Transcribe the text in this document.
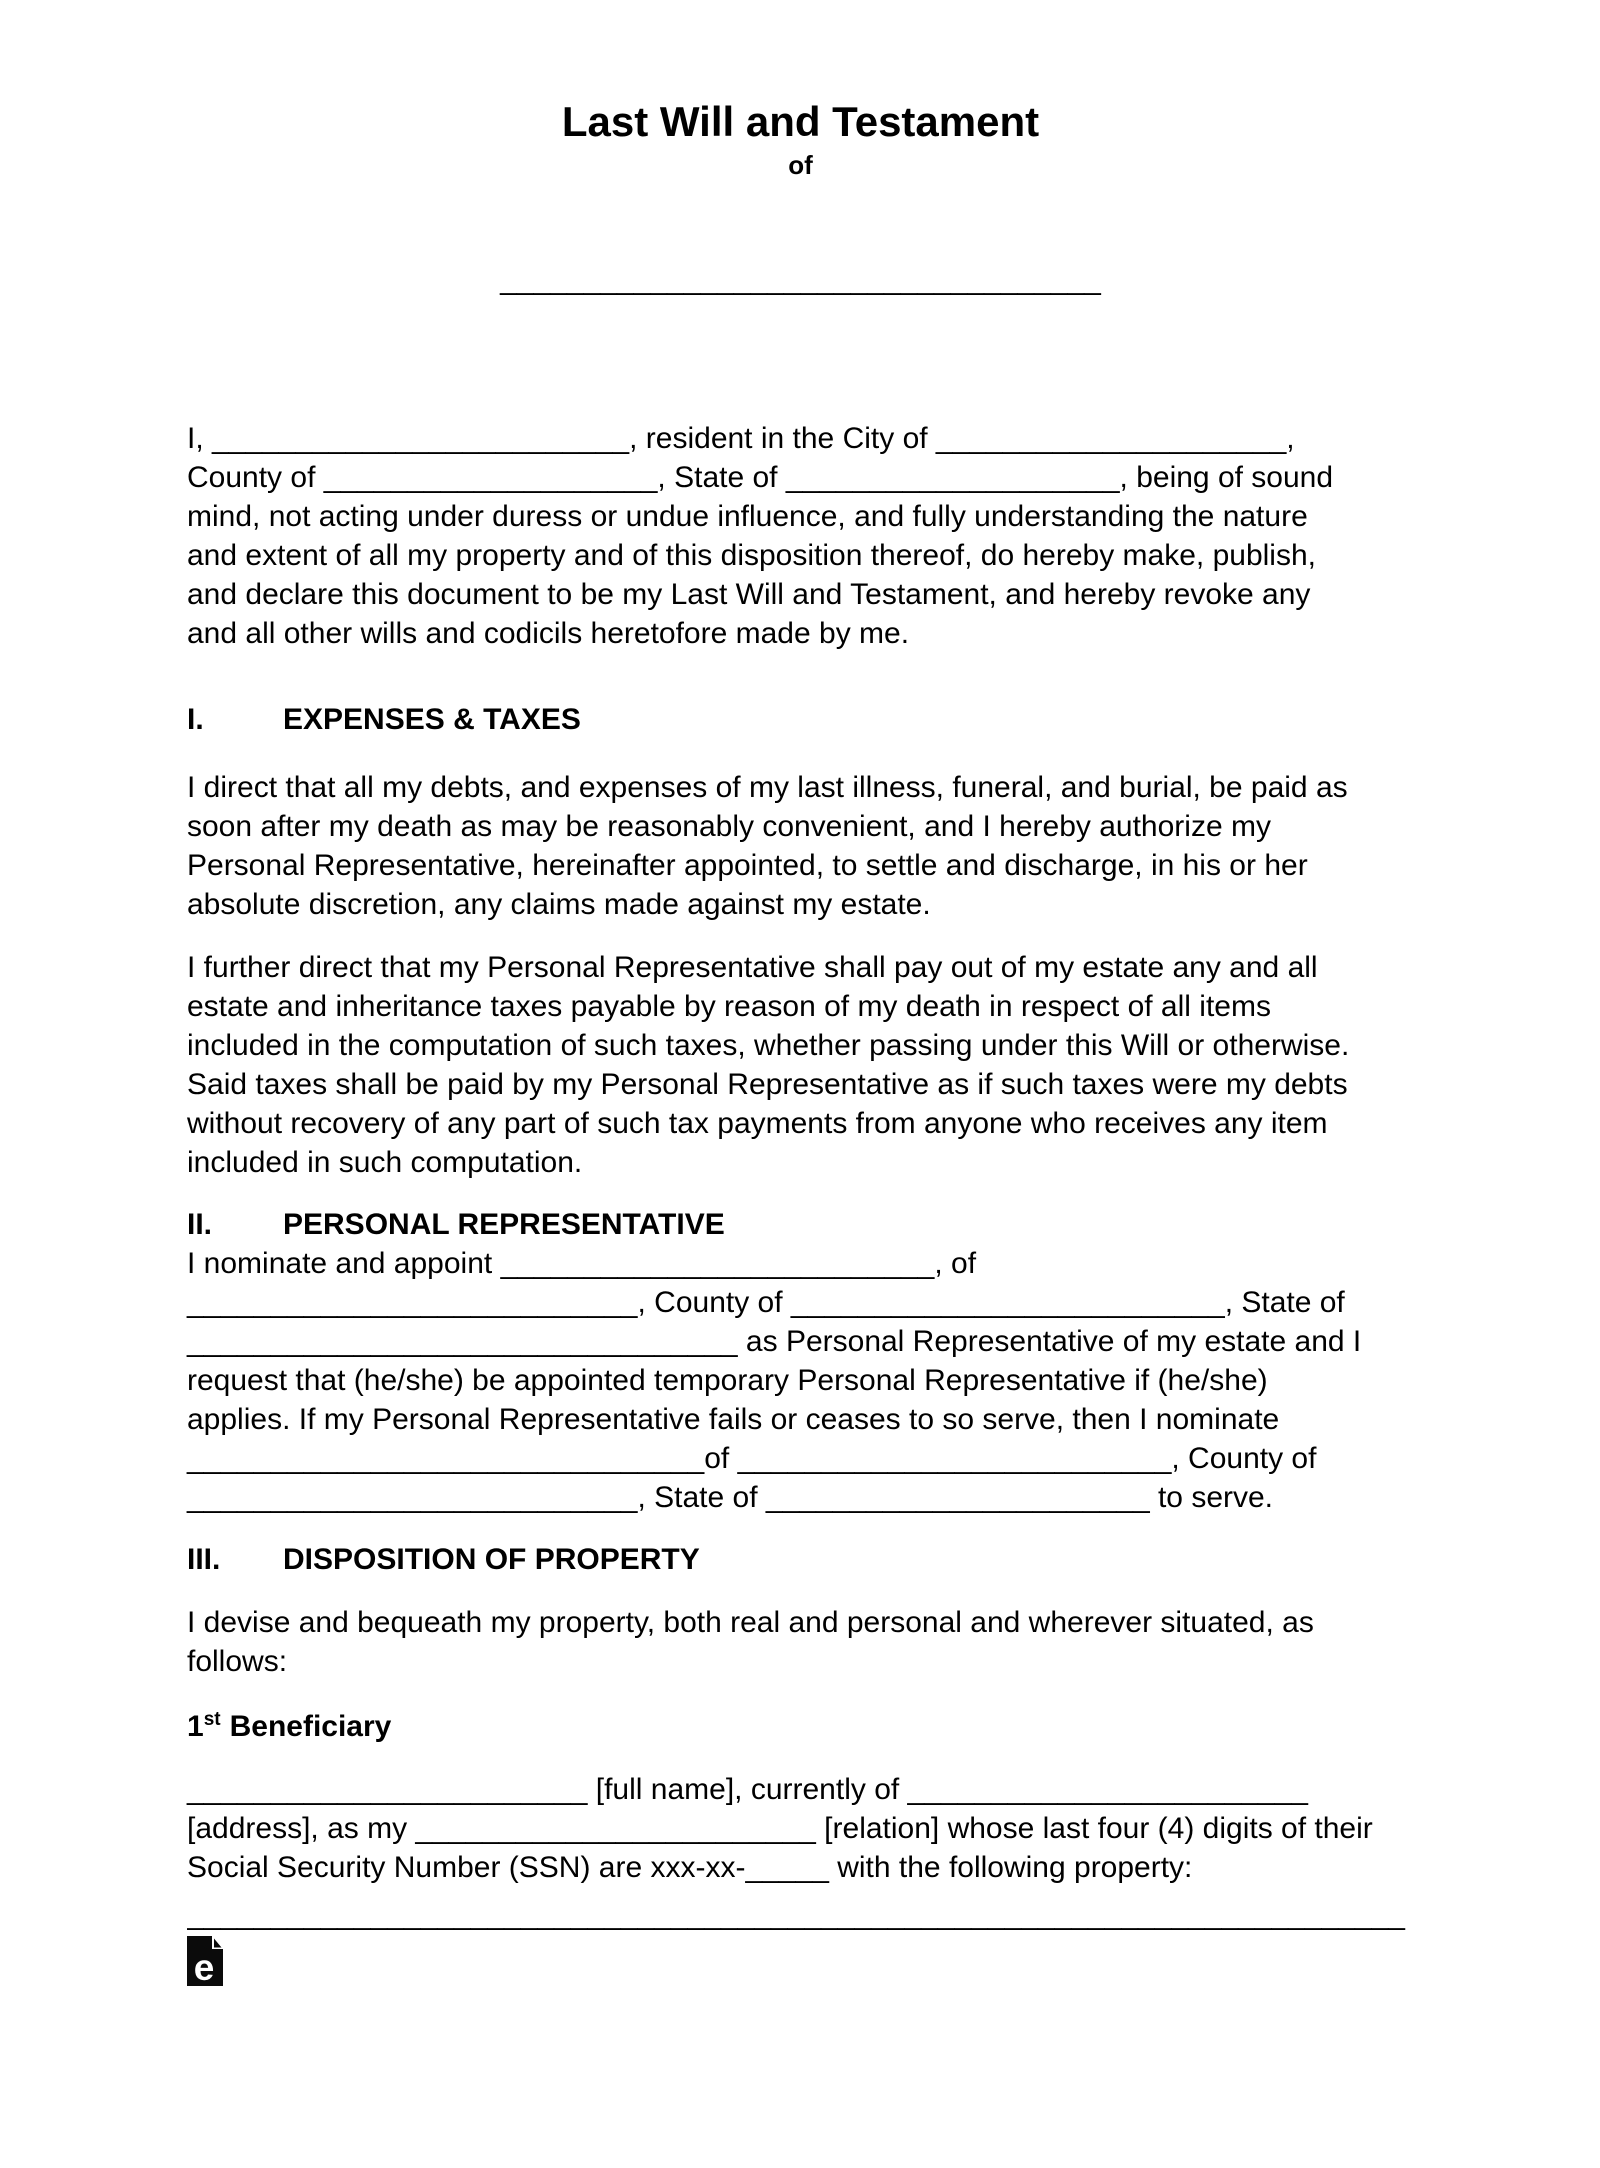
Last Will and Testament
of
____________________________________
I, _________________________, resident in the City of _____________________,
County of ____________________, State of ____________________, being of sound
mind, not acting under duress or undue influence, and fully understanding the nature
and extent of all my property and of this disposition thereof, do hereby make, publish,
and declare this document to be my Last Will and Testament, and hereby revoke any
and all other wills and codicils heretofore made by me.
I.	EXPENSES & TAXES
I direct that all my debts, and expenses of my last illness, funeral, and burial, be paid as
soon after my death as may be reasonably convenient, and I hereby authorize my
Personal Representative, hereinafter appointed, to settle and discharge, in his or her
absolute discretion, any claims made against my estate.
I further direct that my Personal Representative shall pay out of my estate any and all
estate and inheritance taxes payable by reason of my death in respect of all items
included in the computation of such taxes, whether passing under this Will or otherwise.
Said taxes shall be paid by my Personal Representative as if such taxes were my debts
without recovery of any part of such tax payments from anyone who receives any item
included in such computation.
II.	PERSONAL REPRESENTATIVE
I nominate and appoint __________________________, of
___________________________, County of __________________________, State of
_________________________________ as Personal Representative of my estate and I
request that (he/she) be appointed temporary Personal Representative if (he/she)
applies. If my Personal Representative fails or ceases to so serve, then I nominate
_______________________________of __________________________, County of
___________________________, State of _______________________ to serve.
III.	DISPOSITION OF PROPERTY
I devise and bequeath my property, both real and personal and wherever situated, as
follows:
1st Beneficiary
________________________ [full name], currently of ________________________
[address], as my ________________________ [relation] whose last four (4) digits of their
Social Security Number (SSN) are xxx-xx-_____ with the following property:
_________________________________________________________________________
e
